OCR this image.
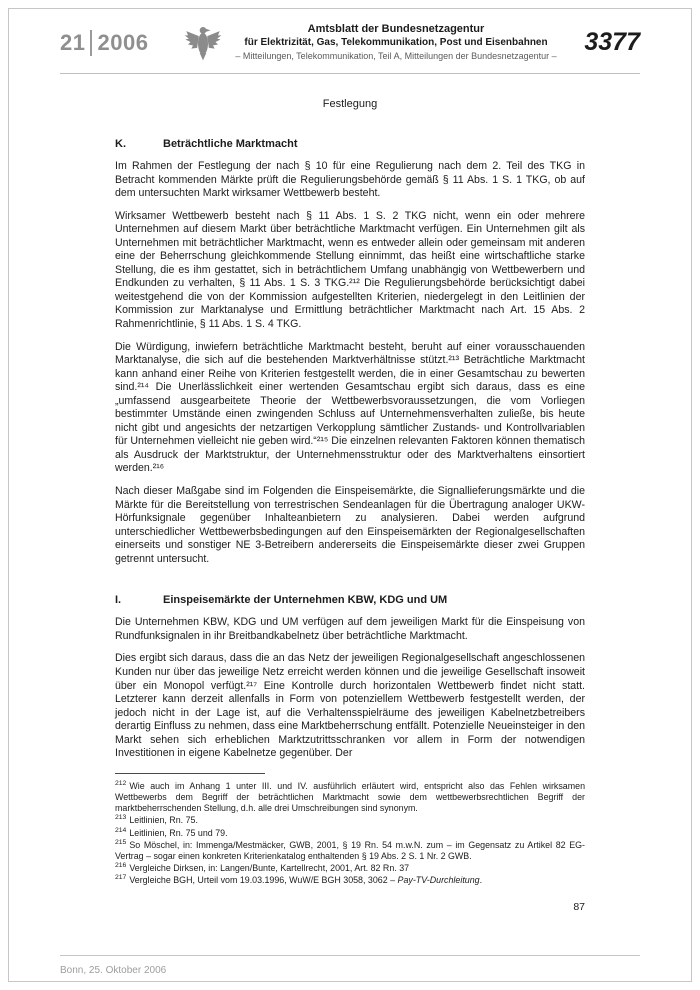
21 2006
Amtsblatt der Bundesnetzagentur
für Elektrizität, Gas, Telekommunikation, Post und Eisenbahnen
– Mitteilungen, Telekommunikation, Teil A, Mitteilungen der Bundesnetzagentur –	3377
Festlegung
K.	Beträchtliche Marktmacht

Im Rahmen der Festlegung der nach § 10 für eine Regulierung nach dem 2. Teil des TKG in Betracht kommenden Märkte prüft die Regulierungsbehörde gemäß § 11 Abs. 1 S. 1 TKG, ob auf dem untersuchten Markt wirksamer Wettbewerb besteht.

Wirksamer Wettbewerb besteht nach § 11 Abs. 1 S. 2 TKG nicht, wenn ein oder mehrere Unternehmen auf diesem Markt über beträchtliche Marktmacht verfügen. Ein Unternehmen gilt als Unternehmen mit beträchtlicher Marktmacht, wenn es entweder allein oder gemeinsam mit anderen eine der Beherrschung gleichkommende Stellung einnimmt, das heißt eine wirtschaftliche starke Stellung, die es ihm gestattet, sich in beträchtlichem Umfang unabhängig von Wettbewerbern und Endkunden zu verhalten, § 11 Abs. 1 S. 3 TKG.²¹² Die Regulierungsbehörde berücksichtigt dabei weitestgehend die von der Kommission aufgestellten Kriterien, niedergelegt in den Leitlinien der Kommission zur Marktanalyse und Ermittlung beträchtlicher Marktmacht nach Art. 15 Abs. 2 Rahmenrichtlinie, § 11 Abs. 1 S. 4 TKG.

Die Würdigung, inwiefern beträchtliche Marktmacht besteht, beruht auf einer vorausschauenden Marktanalyse, die sich auf die bestehenden Marktverhältnisse stützt.²¹³ Beträchtliche Marktmacht kann anhand einer Reihe von Kriterien festgestellt werden, die in einer Gesamtschau zu bewerten sind.²¹⁴ Die Unerlässlichkeit einer wertenden Gesamtschau ergibt sich daraus, dass es eine „umfassend ausgearbeitete Theorie der Wettbewerbsvoraussetzungen, die vom Vorliegen bestimmter Umstände einen zwingenden Schluss auf Unternehmensverhalten zuließe, bis heute nicht gibt und angesichts der netzartigen Verkopplung sämtlicher Zustands- und Kontrollvariablen für Unternehmen vielleicht nie geben wird.“²¹⁵ Die einzelnen relevanten Faktoren können thematisch als Ausdruck der Marktstruktur, der Unternehmensstruktur oder des Marktverhaltens einsortiert werden.²¹⁶

Nach dieser Maßgabe sind im Folgenden die Einspeisemärkte, die Signallieferungsmärkte und die Märkte für die Bereitstellung von terrestrischen Sendeanlagen für die Übertragung analoger UKW-Hörfunksignale gegenüber Inhalteanbietern zu analysieren. Dabei werden aufgrund unterschiedlicher Wettbewerbsbedingungen auf den Einspeisemärkten der Regionalgesellschaften einerseits und sonstiger NE 3-Betreibern andererseits die Einspeisemärkte dieser zwei Gruppen getrennt untersucht.

I.	Einspeisemärkte der Unternehmen KBW, KDG und UM

Die Unternehmen KBW, KDG und UM verfügen auf dem jeweiligen Markt für die Einspeisung von Rundfunksignalen in ihr Breitbandkabelnetz über beträchtliche Marktmacht.

Dies ergibt sich daraus, dass die an das Netz der jeweiligen Regionalgesellschaft angeschlossenen Kunden nur über das jeweilige Netz erreicht werden können und die jeweilige Gesellschaft insoweit über ein Monopol verfügt.²¹⁷ Eine Kontrolle durch horizontalen Wettbewerb findet nicht statt. Letzterer kann derzeit allenfalls in Form von potenziellem Wettbewerb festgestellt werden, der jedoch nicht in der Lage ist, auf die Verhaltensspielräume des jeweiligen Kabelnetzbetreibers derartig Einfluss zu nehmen, dass eine Marktbeherrschung entfällt. Potenzielle Neueinsteiger in den Markt sehen sich erheblichen Marktzutrittsschranken vor allem in Form der notwendigen Investitionen in eigene Kabelnetze gegenüber. Der

$^{212}$ Wie auch im Anhang 1 unter III. und IV. ausführlich erläutert wird, entspricht also das Fehlen wirksamen Wettbewerbs dem Begriff der beträchtlichen Marktmacht sowie dem wettbewerbsrechtlichen Begriff der marktbeherrschenden Stellung, d.h. alle drei Umschreibungen sind synonym.
$^{213}$ Leitlinien, Rn. 75.
$^{214}$ Leitlinien, Rn. 75 und 79.
$^{215}$ So Möschel, in: Immenga/Mestmäcker, GWB, 2001, § 19 Rn. 54 m.w.N. zum – im Gegensatz zu Artikel 82 EG-Vertrag – sogar einen konkreten Kriterienkatalog enthaltenden § 19 Abs. 2 S. 1 Nr. 2 GWB.
$^{216}$ Vergleiche Dirksen, in: Langen/Bunte, Kartellrecht, 2001, Art. 82 Rn. 37
$^{217}$ Vergleiche BGH, Urteil vom 19.03.1996, WuW/E BGH 3058, 3062 – Pay-TV-Durchleitung.
87
Bonn, 25. Oktober 2006
